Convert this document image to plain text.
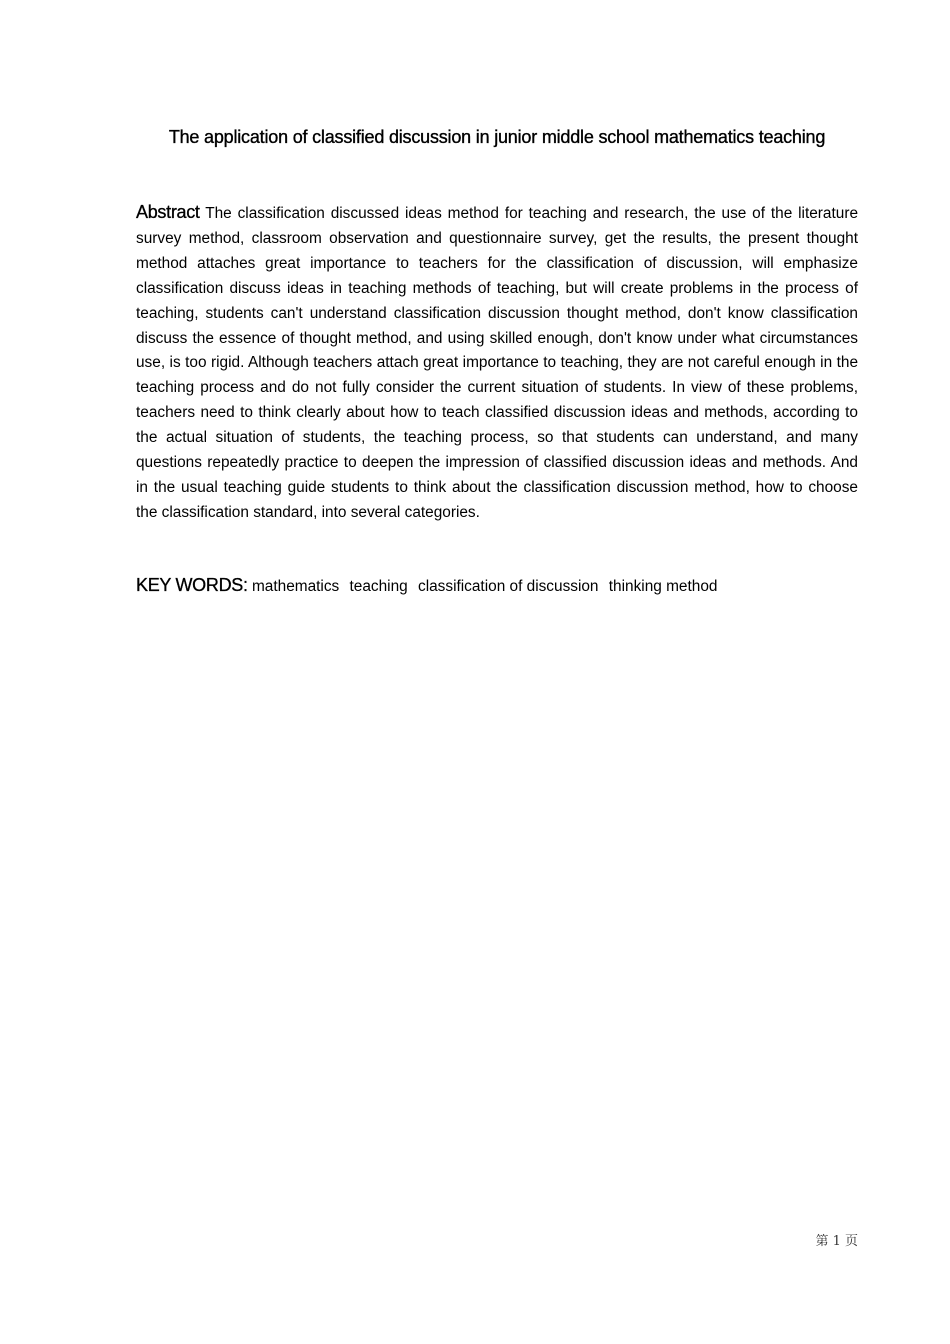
The application of classified discussion in junior middle school mathematics teaching
Abstract The classification discussed ideas method for teaching and research, the use of the literature survey method, classroom observation and questionnaire survey, get the results, the present thought method attaches great importance to teachers for the classification of discussion, will emphasize classification discuss ideas in teaching methods of teaching, but will create problems in the process of teaching, students can't understand classification discussion thought method, don't know classification discuss the essence of thought method, and using skilled enough, don't know under what circumstances use, is too rigid. Although teachers attach great importance to teaching, they are not careful enough in the teaching process and do not fully consider the current situation of students. In view of these problems, teachers need to think clearly about how to teach classified discussion ideas and methods, according to the actual situation of students, the teaching process, so that students can understand, and many questions repeatedly practice to deepen the impression of classified discussion ideas and methods. And in the usual teaching guide students to think about the classification discussion method, how to choose the classification standard, into several categories.
KEY WORDS: mathematics teaching classification of discussion thinking method
第 1 页
